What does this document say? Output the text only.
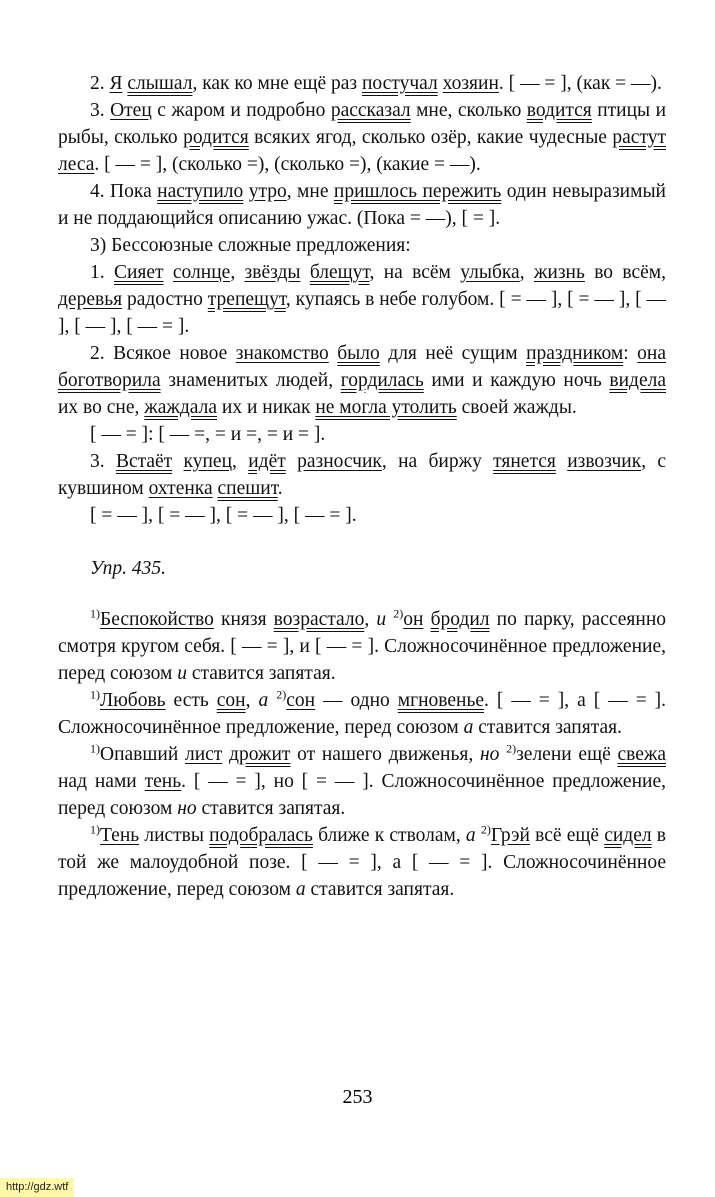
2. Я слышал, как ко мне ещё раз постучал хозяин. [ — = ], (как = —).

3. Отец с жаром и подробно рассказал мне, сколько водится птицы и рыбы, сколько родится всяких ягод, сколько озёр, какие чудесные растут леса. [ — = ], (сколько =), (сколько =), (какие = —).

4. Пока наступило утро, мне пришлось пережить один невыразимый и не поддающийся описанию ужас. (Пока = —), [ = ].

3) Бессоюзные сложные предложения:

1. Сияет солнце, звёзды блещут, на всём улыбка, жизнь во всём, деревья радостно трепещут, купаясь в небе голубом. [ = — ], [ = — ], [ — ], [ — ], [ — = ].

2. Всякое новое знакомство было для неё сущим праздником: она боготворила знаменитых людей, гордилась ими и каждую ночь видела их во сне, жаждала их и никак не могла утолить своей жажды.

[ — = ]: [ — =, = и =, = и = ].

3. Встаёт купец, идёт разносчик, на биржу тянется извозчик, с кувшином охтенка спешит.

[ = — ], [ = — ], [ = — ], [ — = ].

Упр. 435.

$^{1)}$Беспокойство князя возрастало, и $^{2)}$он бродил по парку, рассеянно смотря кругом себя. [ — = ], и [ — = ]. Сложносочинённое предложение, перед союзом и ставится запятая.

$^{1)}$Любовь есть сон, а $^{2)}$сон — одно мгновенье. [ — = ], а [ — = ]. Сложносочинённое предложение, перед союзом а ставится запятая.

$^{1)}$Опавший лист дрожит от нашего движенья, но $^{2)}$зелени ещё свежа над нами тень. [ — = ], но [ = — ]. Сложносочинённое предложение, перед союзом но ставится запятая.

$^{1)}$Тень листвы подобралась ближе к стволам, а $^{2)}$Грэй всё ещё сидел в той же малоудобной позе. [ — = ], а [ — = ]. Сложносочинённое предложение, перед союзом а ставится запятая.

253
http://gdz.wtf
